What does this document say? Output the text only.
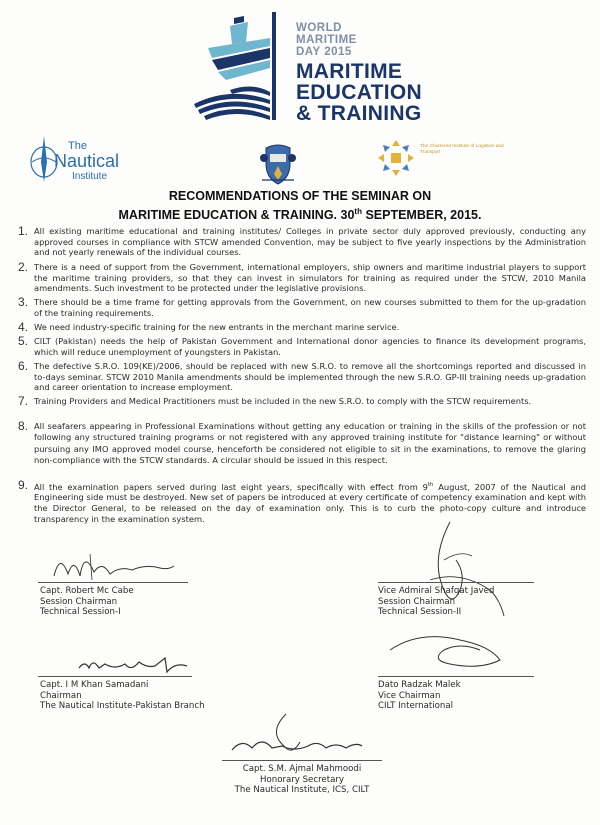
WORLD
MARITIME
DAY 2015
MARITIME
EDUCATION
& TRAINING
The
Nautical
Institute
The Chartered Institute of Logistics and Transport
RECOMMENDATIONS OF THE SEMINAR ON
MARITIME EDUCATION & TRAINING. 30th SEPTEMBER, 2015.
1. All existing maritime educational and training institutes/ Colleges in private sector duly approved previously, conducting any approved courses in compliance with STCW amended Convention, may be subject to five yearly inspections by the Administration and not yearly renewals of the individual courses.
2. There is a need of support from the Government, international employers, ship owners and maritime industrial players to support the maritime training providers, so that they can invest in simulators for training as required under the STCW, 2010 Manila amendments. Such investment to be protected under the legislative provisions.
3. There should be a time frame for getting approvals from the Government, on new courses submitted to them for the up-gradation of the training requirements.
4. We need industry-specific training for the new entrants in the merchant marine service.
5. CILT (Pakistan) needs the help of Pakistan Government and International donor agencies to finance its development programs, which will reduce unemployment of youngsters in Pakistan.
6. The defective S.R.O. 109(KE)/2006, should be replaced with new S.R.O. to remove all the shortcomings reported and discussed in to-days seminar. STCW 2010 Manila amendments should be implemented through the new S.R.O. GP-III training needs up-gradation and career orientation to increase employment.
7. Training Providers and Medical Practitioners must be included in the new S.R.O. to comply with the STCW requirements.
8. All seafarers appearing in Professional Examinations without getting any education or training in the skills of the profession or not following any structured training programs or not registered with any approved training institute for "distance learning" or without pursuing any IMO approved model course, henceforth be considered not eligible to sit in the examinations, to remove the glaring non-compliance with the STCW standards. A circular should be issued in this respect.
9. All the examination papers served during last eight years, specifically with effect from 9th August, 2007 of the Nautical and Engineering side must be destroyed. New set of papers be introduced at every certificate of competency examination and kept with the Director General, to be released on the day of examination only. This is to curb the photo-copy culture and introduce transparency in the examination system.
Capt. Robert Mc Cabe
Session Chairman
Technical Session-I
Vice Admiral Shafqat Javed
Session Chairman
Technical Session-II
Capt. I M Khan Samadani
Chairman
The Nautical Institute-Pakistan Branch
Dato Radzak Malek
Vice Chairman
CILT International
Capt. S.M. Ajmal Mahmoodi
Honorary Secretary
The Nautical Institute, ICS, CILT
